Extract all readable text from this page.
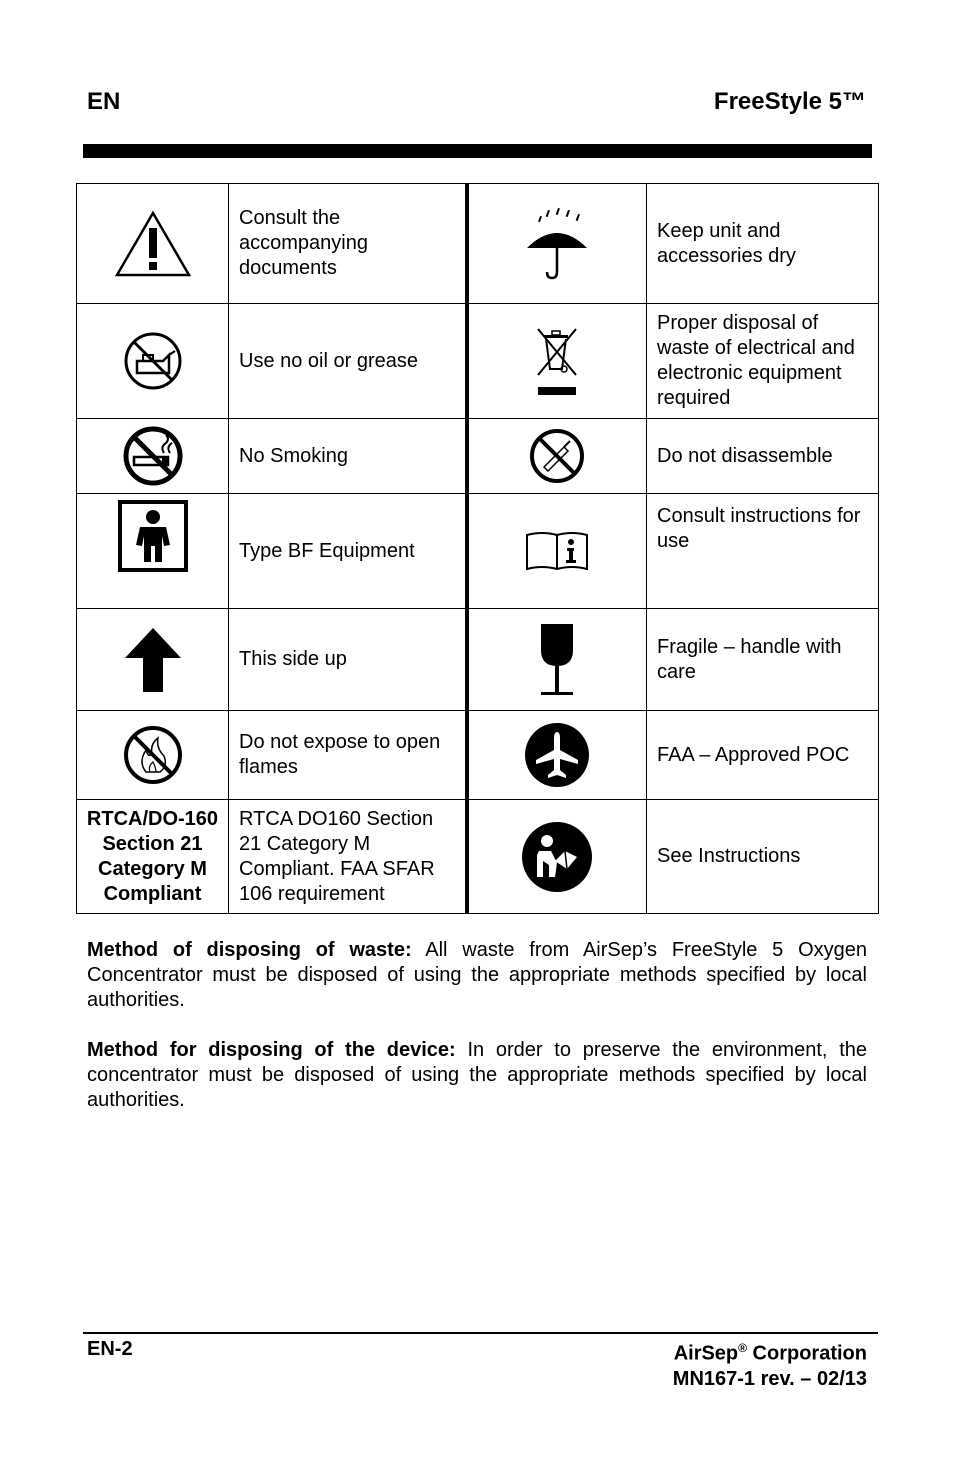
EN	FreeStyle 5™
	Consult the accompanying documents		Keep unit and accessories dry
	Use no oil or grease		Proper disposal of waste of electrical and electronic equipment required
	No Smoking		Do not disassemble
	Type BF Equipment		Consult instructions for use
	This side up		Fragile – handle with care
	Do not expose to open flames		FAA – Approved POC
RTCA/DO-160 Section 21 Category M Compliant	RTCA DO160 Section 21 Category M Compliant. FAA SFAR 106 requirement		See Instructions
Method of disposing of waste: All waste from AirSep’s FreeStyle 5 Oxygen Concentrator must be disposed of using the appropriate methods specified by local authorities.
Method for disposing of the device: In order to preserve the environment, the concentrator must be disposed of using the appropriate methods specified by local authorities.
EN-2	AirSep® Corporation
MN167-1 rev. – 02/13
